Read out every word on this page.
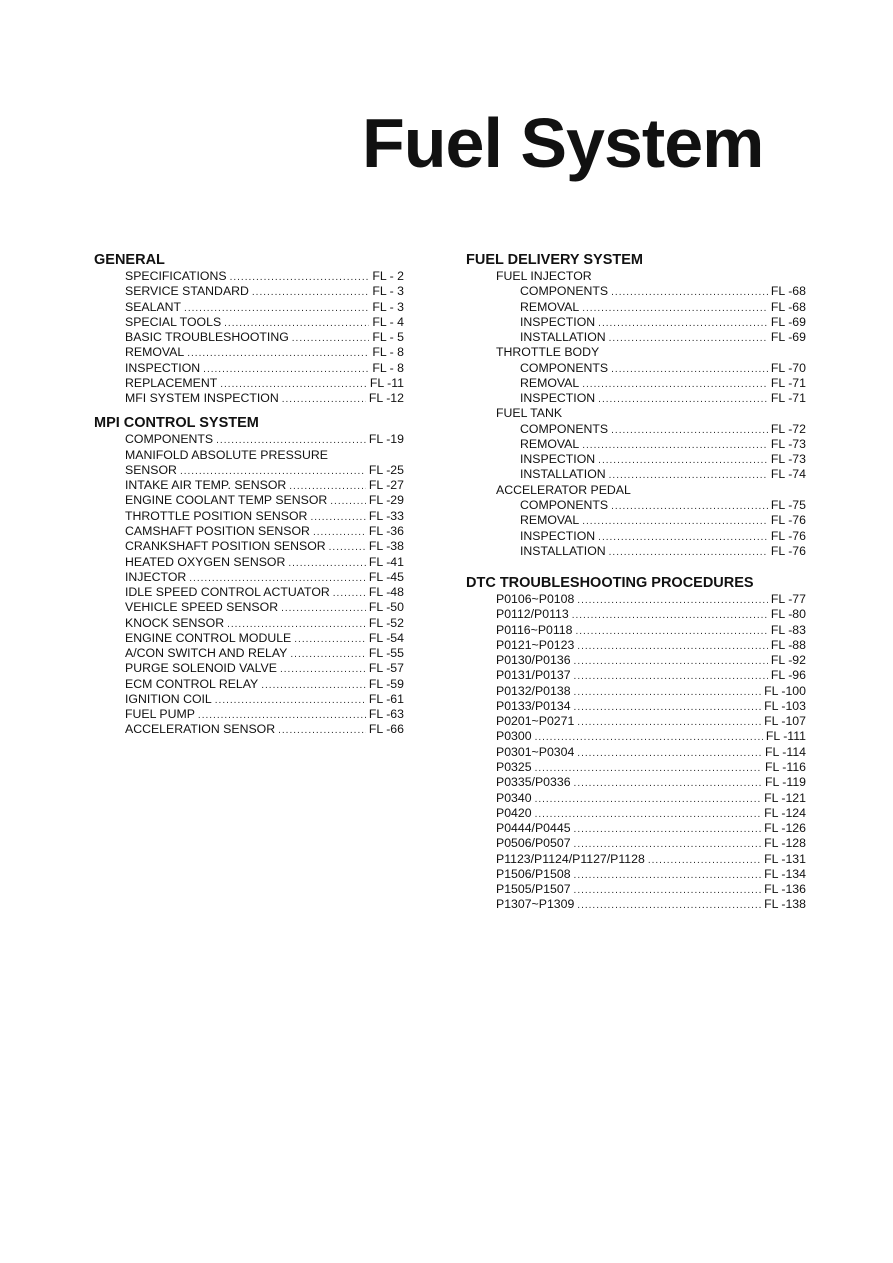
Fuel System
GENERAL
SPECIFICATIONS .....	FL - 2
SERVICE STANDARD .....	FL - 3
SEALANT .....	FL - 3
SPECIAL TOOLS .....	FL - 4
BASIC TROUBLESHOOTING .....	FL - 5
REMOVAL .....	FL - 8
INSPECTION .....	FL - 8
REPLACEMENT .....	FL -11
MFI SYSTEM INSPECTION .....	FL -12
MPI CONTROL SYSTEM
COMPONENTS .....	FL -19
MANIFOLD ABSOLUTE PRESSURE
SENSOR .....	FL -25
INTAKE AIR TEMP. SENSOR .....	FL -27
ENGINE COOLANT TEMP SENSOR .....	FL -29
THROTTLE POSITION SENSOR .....	FL -33
CAMSHAFT POSITION SENSOR .....	FL -36
CRANKSHAFT POSITION SENSOR .....	FL -38
HEATED OXYGEN SENSOR .....	FL -41
INJECTOR .....	FL -45
IDLE SPEED CONTROL ACTUATOR .....	FL -48
VEHICLE SPEED SENSOR .....	FL -50
KNOCK SENSOR .....	FL -52
ENGINE CONTROL MODULE .....	FL -54
A/CON SWITCH AND RELAY .....	FL -55
PURGE SOLENOID VALVE .....	FL -57
ECM CONTROL RELAY .....	FL -59
IGNITION COIL .....	FL -61
FUEL PUMP .....	FL -63
ACCELERATION SENSOR .....	FL -66
FUEL DELIVERY SYSTEM
FUEL INJECTOR
COMPONENTS .....	FL -68
REMOVAL .....	FL -68
INSPECTION .....	FL -69
INSTALLATION .....	FL -69
THROTTLE BODY
COMPONENTS .....	FL -70
REMOVAL .....	FL -71
INSPECTION .....	FL -71
FUEL TANK
COMPONENTS .....	FL -72
REMOVAL .....	FL -73
INSPECTION .....	FL -73
INSTALLATION .....	FL -74
ACCELERATOR PEDAL
COMPONENTS .....	FL -75
REMOVAL .....	FL -76
INSPECTION .....	FL -76
INSTALLATION .....	FL -76
DTC TROUBLESHOOTING PROCEDURES
P0106~P0108 .....	FL -77
P0112/P0113 .....	FL -80
P0116~P0118 .....	FL -83
P0121~P0123 .....	FL -88
P0130/P0136 .....	FL -92
P0131/P0137 .....	FL -96
P0132/P0138 .....	FL -100
P0133/P0134 .....	FL -103
P0201~P0271 .....	FL -107
P0300 .....	FL -111
P0301~P0304 .....	FL -114
P0325 .....	FL -116
P0335/P0336 .....	FL -119
P0340 .....	FL -121
P0420 .....	FL -124
P0444/P0445 .....	FL -126
P0506/P0507 .....	FL -128
P1123/P1124/P1127/P1128 .....	FL -131
P1506/P1508 .....	FL -134
P1505/P1507 .....	FL -136
P1307~P1309 .....	FL -138
